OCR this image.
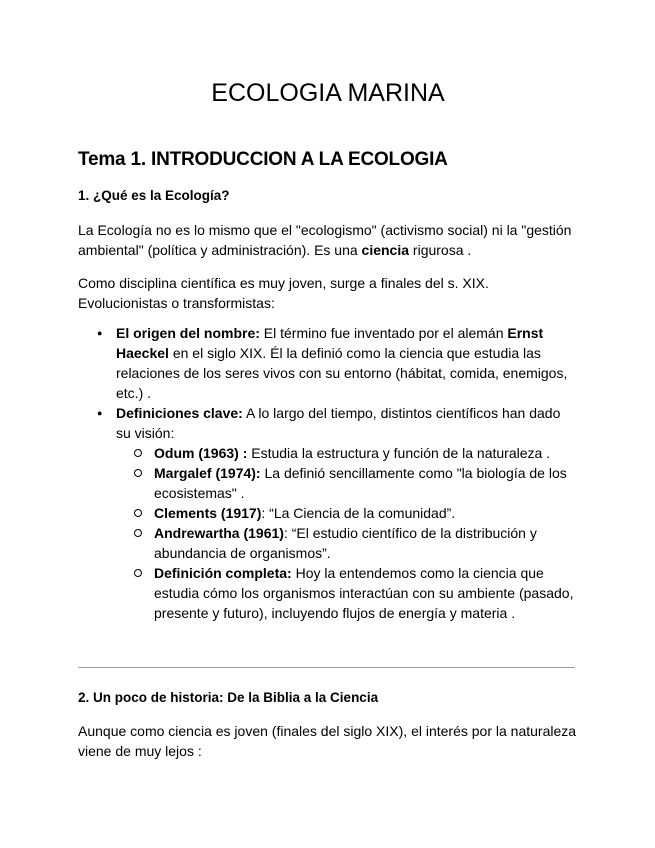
ECOLOGIA MARINA
Tema 1. INTRODUCCION A LA ECOLOGIA
1. ¿Qué es la Ecología?

La Ecología no es lo mismo que el "ecologismo" (activismo social) ni la "gestión ambiental" (política y administración). Es una ciencia rigurosa .

Como disciplina científica es muy joven, surge a finales del s. XIX. Evolucionistas o transformistas:

● El origen del nombre: El término fue inventado por el alemán Ernst Haeckel en el siglo XIX. Él la definió como la ciencia que estudia las relaciones de los seres vivos con su entorno (hábitat, comida, enemigos, etc.) .
● Definiciones clave: A lo largo del tiempo, distintos científicos han dado su visión:
Odum (1963) : Estudia la estructura y función de la naturaleza .
Margalef (1974): La definió sencillamente como "la biología de los ecosistemas" .
Clements (1917): “La Ciencia de la comunidad”.
Andrewartha (1961): “El estudio científico de la distribución y abundancia de organismos”.
Definición completa: Hoy la entendemos como la ciencia que estudia cómo los organismos interactúan con su ambiente (pasado, presente y futuro), incluyendo flujos de energía y materia .
2. Un poco de historia: De la Biblia a la Ciencia

Aunque como ciencia es joven (finales del siglo XIX), el interés por la naturaleza viene de muy lejos :
